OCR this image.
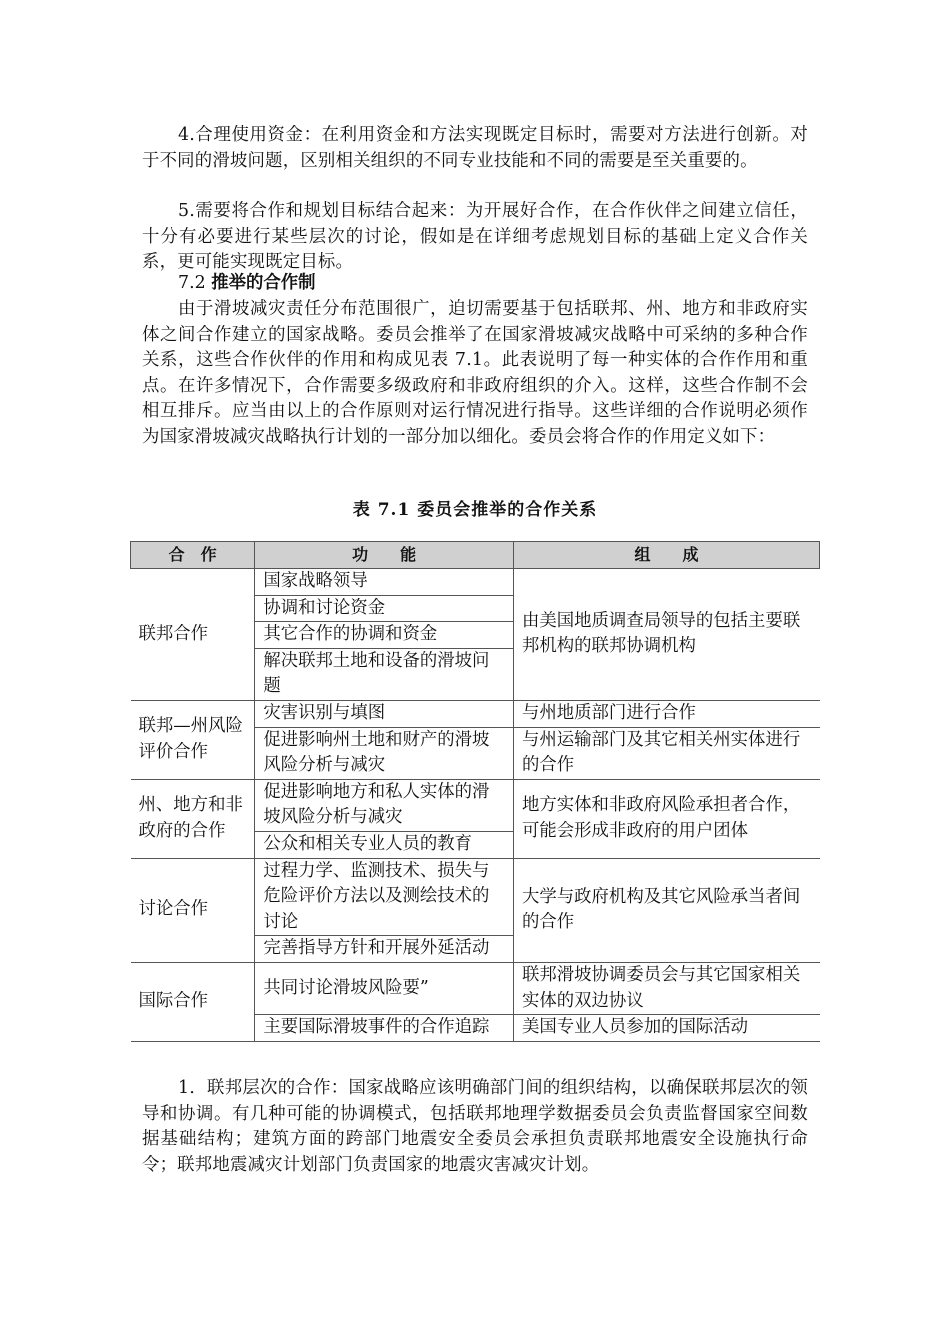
4.合理使用资金：在利用资金和方法实现既定目标时，需要对方法进行创新。对于不同的滑坡问题，区别相关组织的不同专业技能和不同的需要是至关重要的。

5.需要将合作和规划目标结合起来：为开展好合作，在合作伙伴之间建立信任，十分有必要进行某些层次的讨论，假如是在详细考虑规划目标的基础上定义合作关系，更可能实现既定目标。

7.2 推举的合作制

由于滑坡减灾责任分布范围很广，迫切需要基于包括联邦、州、地方和非政府实体之间合作建立的国家战略。委员会推举了在国家滑坡减灾战略中可采纳的多种合作关系，这些合作伙伴的作用和构成见表 7.1。此表说明了每一种实体的合作作用和重点。在许多情况下，合作需要多级政府和非政府组织的介入。这样，这些合作制不会相互排斥。应当由以上的合作原则对运行情况进行指导。这些详细的合作说明必须作为国家滑坡减灾战略执行计划的一部分加以细化。委员会将合作的作用定义如下：

表 7.1 委员会推举的合作关系
合　作	功　　能	组　　成
联邦合作	国家战略领导	由美国地质调查局领导的包括主要联邦机构的联邦协调机构
	协调和讨论资金	
	其它合作的协调和资金	
	解决联邦土地和设备的滑坡问题	
联邦—州风险评价合作	灾害识别与填图	与州地质部门进行合作
	促进影响州土地和财产的滑坡风险分析与减灾	与州运输部门及其它相关州实体进行的合作
州、地方和非政府的合作	促进影响地方和私人实体的滑坡风险分析与减灾	地方实体和非政府风险承担者合作，可能会形成非政府的用户团体
	公众和相关专业人员的教育	
讨论合作	过程力学、监测技术、损失与危险评价方法以及测绘技术的讨论	大学与政府机构及其它风险承当者间的合作
	完善指导方针和开展外延活动	
国际合作	共同讨论滑坡风险要”	联邦滑坡协调委员会与其它国家相关实体的双边协议
	主要国际滑坡事件的合作追踪	美国专业人员参加的国际活动

1．联邦层次的合作：国家战略应该明确部门间的组织结构，以确保联邦层次的领导和协调。有几种可能的协调模式，包括联邦地理学数据委员会负责监督国家空间数据基础结构；建筑方面的跨部门地震安全委员会承担负责联邦地震安全设施执行命令；联邦地震减灾计划部门负责国家的地震灾害减灾计划。
